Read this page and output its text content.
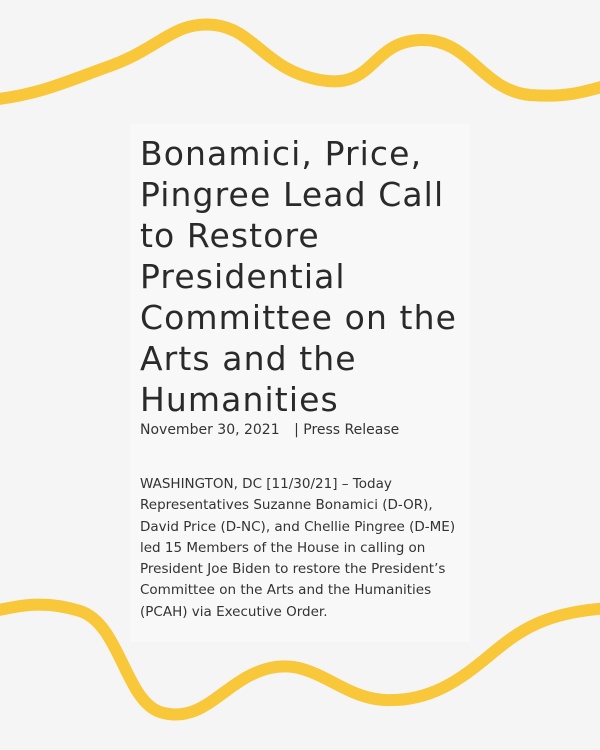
Bonamici, Price, Pingree Lead Call to Restore Presidential Committee on the Arts and the Humanities
November 30, 2021 | Press Release

WASHINGTON, DC [11/30/21] – Today Representatives Suzanne Bonamici (D-OR), David Price (D-NC), and Chellie Pingree (D-ME) led 15 Members of the House in calling on President Joe Biden to restore the President’s Committee on the Arts and the Humanities (PCAH) via Executive Order.
